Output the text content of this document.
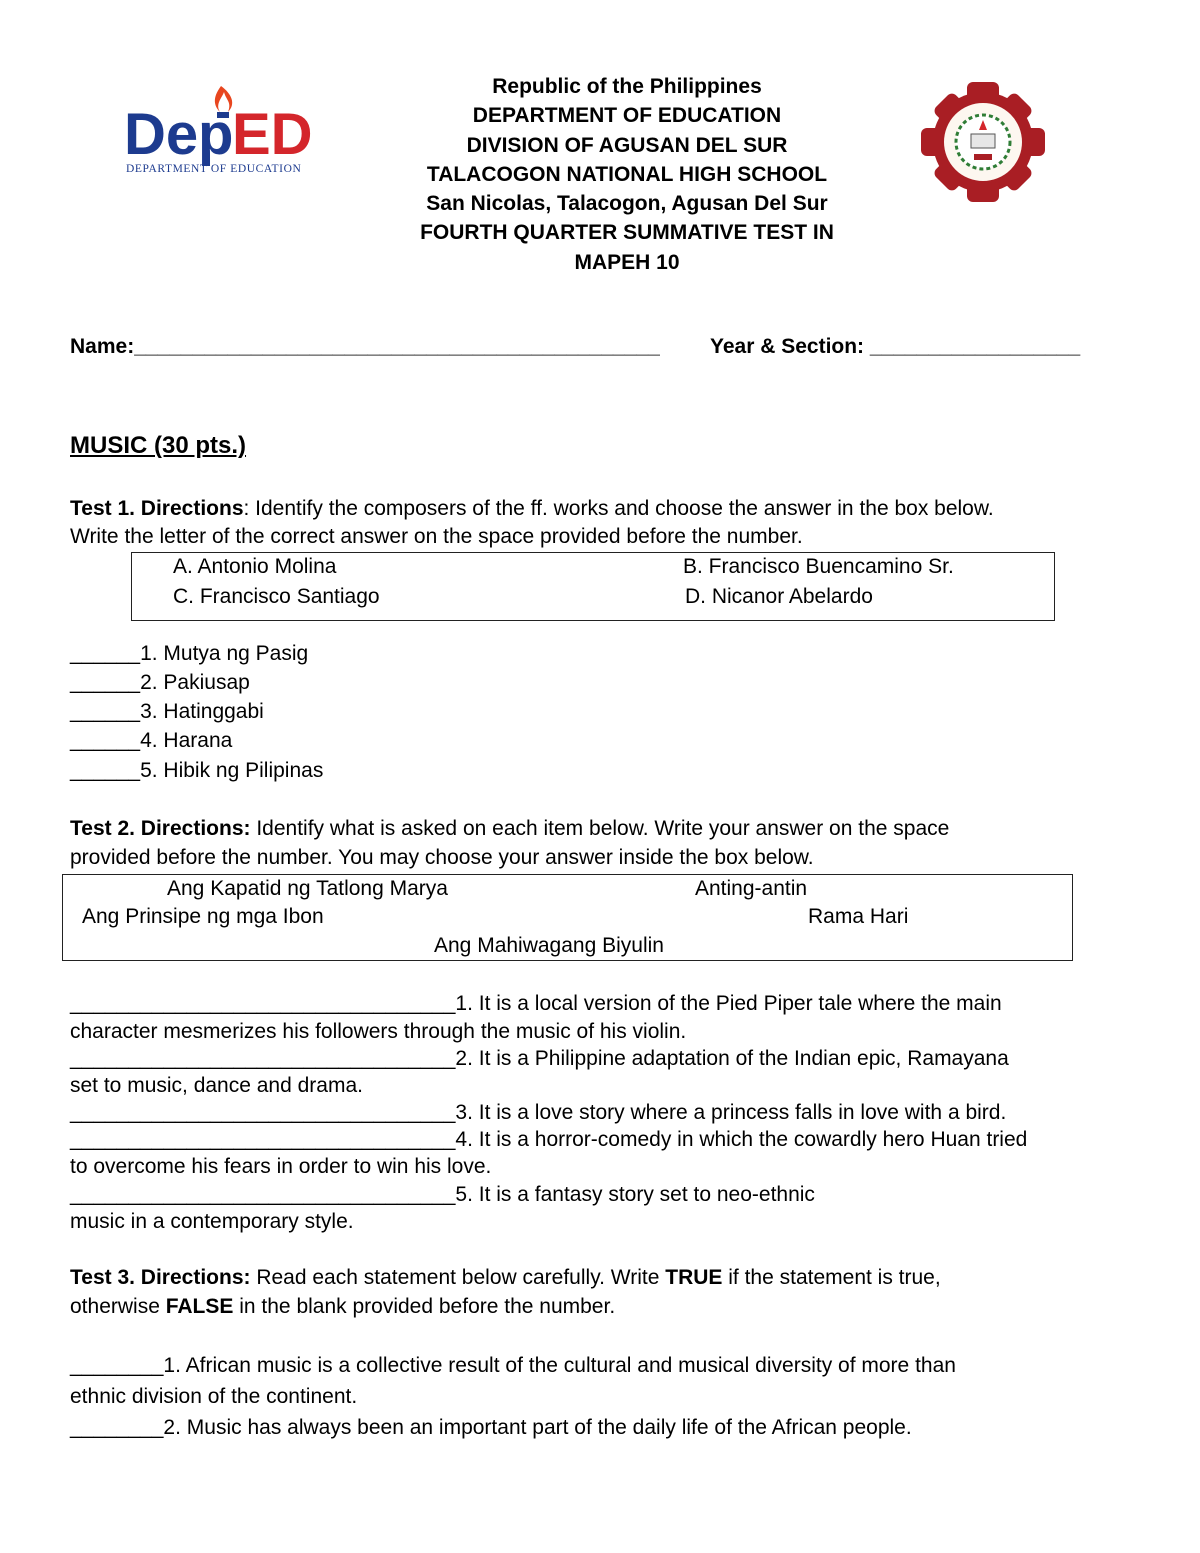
De p
ED
DEPARTMENT OF EDUCATION
Republic of the Philippines
DEPARTMENT OF EDUCATION
DIVISION OF AGUSAN DEL SUR
TALACOGON NATIONAL HIGH SCHOOL
San Nicolas, Talacogon, Agusan Del Sur
FOURTH QUARTER SUMMATIVE TEST IN
MAPEH 10
Name:_____________________________________________ Year & Section: __________________
MUSIC (30 pts.)
Test 1. Directions: Identify the composers of the ff. works and choose the answer in the box below.
Write the letter of the correct answer on the space provided before the number.
A. Antonio Molina	B. Francisco Buencamino Sr.
C. Francisco Santiago	D. Nicanor Abelardo
______1. Mutya ng Pasig
______2. Pakiusap
______3. Hatinggabi
______4. Harana
______5. Hibik ng Pilipinas
Test 2. Directions: Identify what is asked on each item below. Write your answer on the space
provided before the number. You may choose your answer inside the box below.
Ang Kapatid ng Tatlong Marya	Anting-antin
Ang Prinsipe ng mga Ibon	Rama Hari
Ang Mahiwagang Biyulin
_________________________________1. It is a local version of the Pied Piper tale where the main
character mesmerizes his followers through the music of his violin.
_________________________________2. It is a Philippine adaptation of the Indian epic, Ramayana
set to music, dance and drama.
_________________________________3. It is a love story where a princess falls in love with a bird.
_________________________________4. It is a horror-comedy in which the cowardly hero Huan tried
to overcome his fears in order to win his love.
_________________________________5. It is a fantasy story set to neo-ethnic
music in a contemporary style.
Test 3. Directions: Read each statement below carefully. Write TRUE if the statement is true,
otherwise FALSE in the blank provided before the number.
________1. African music is a collective result of the cultural and musical diversity of more than
ethnic division of the continent.
________2. Music has always been an important part of the daily life of the African people.
